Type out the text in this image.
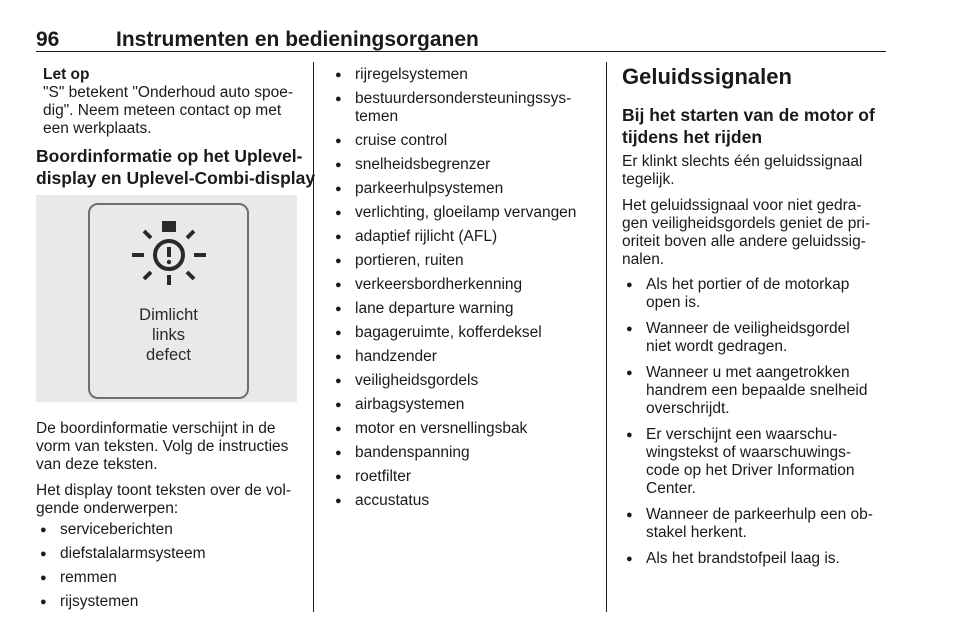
96	Instrumenten en bedieningsorganen

Let op

"S" betekent "Onderhoud auto spoe-

dig". Neem meteen contact op met

een werkplaats.

Boordinformatie op het Uplevel-

display en Uplevel-Combi-display

Dimlicht
links
defect

De boordinformatie verschijnt in de

vorm van teksten. Volg de instructies

van deze teksten.

Het display toont teksten over de vol-

gende onderwerpen:

● serviceberichten
● diefstalalarmsysteem
● remmen
● rijsystemen
● rijregelsystemen
● bestuurdersondersteuningssys-
temen
● cruise control
● snelheidsbegrenzer
● parkeerhulpsystemen
● verlichting, gloeilamp vervangen
● adaptief rijlicht (AFL)
● portieren, ruiten
● verkeersbordherkenning
● lane departure warning
● bagageruimte, kofferdeksel
● handzender
● veiligheidsgordels
● airbagsystemen
● motor en versnellingsbak
● bandenspanning
● roetfilter
● accustatus

Geluidssignalen

Bij het starten van de motor of

tijdens het rijden

Er klinkt slechts één geluidssignaal

tegelijk.

Het geluidssignaal voor niet gedra-

gen veiligheidsgordels geniet de pri-

oriteit boven alle andere geluidssig-

nalen.

● Als het portier of de motorkap
open is.
● Wanneer de veiligheidsgordel
niet wordt gedragen.
● Wanneer u met aangetrokken
handrem een bepaalde snelheid
overschrijdt.
● Er verschijnt een waarschu-
wingstekst of waarschuwings-
code op het Driver Information
Center.
● Wanneer de parkeerhulp een ob-
stakel herkent.
● Als het brandstofpeil laag is.
